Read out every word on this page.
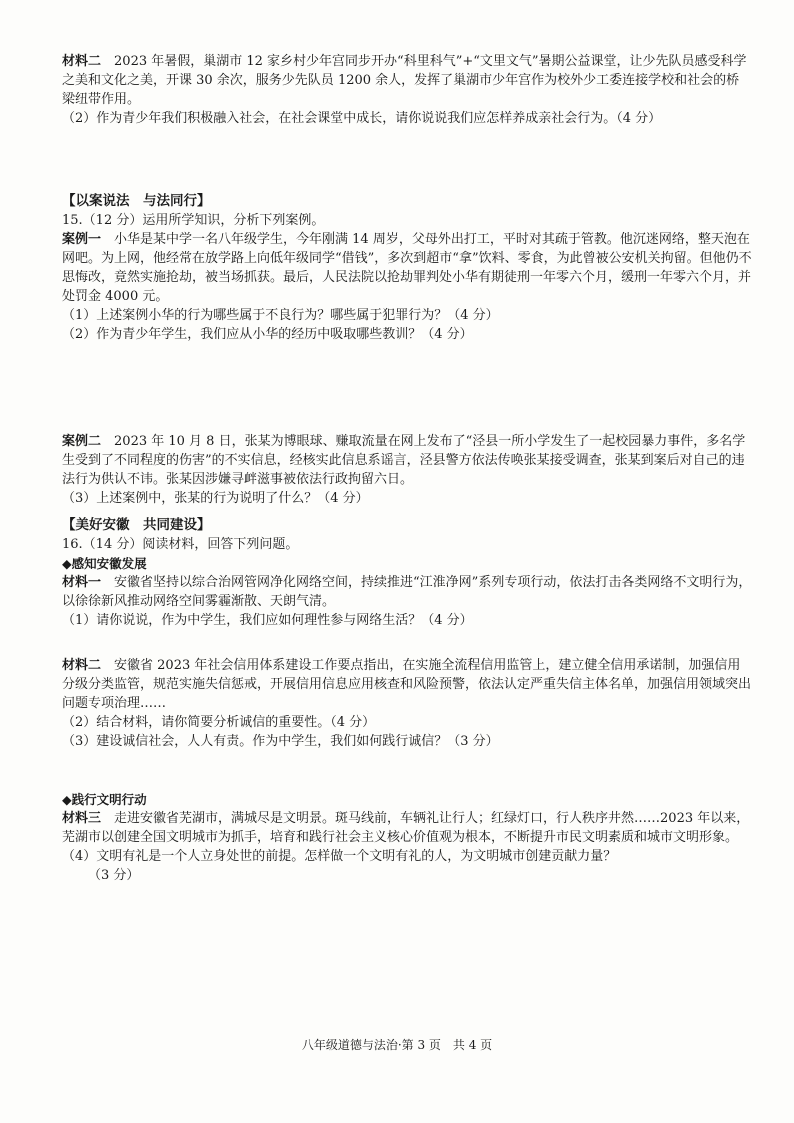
材料二　 2023 年暑假，巢湖市 12 家乡村少年宫同步开办“科里科气”+“文里文气”暑期公益课堂，让少先队员感受科学之美和文化之美，开课 30 余次，服务少先队员 1200 余人，发挥了巢湖市少年宫作为校外少工委连接学校和社会的桥梁纽带作用。

（2）作为青少年我们积极融入社会，在社会课堂中成长，请你说说我们应怎样养成亲社会行为。（4 分）

【以案说法　与法同行】

15.（12 分）运用所学知识，分析下列案例。

案例一　 小华是某中学一名八年级学生，今年刚满 14 周岁，父母外出打工，平时对其疏于管教。他沉迷网络，整天泡在网吧。为上网，他经常在放学路上向低年级同学“借钱”，多次到超市“拿”饮料、零食，为此曾被公安机关拘留。但他仍不思悔改，竟然实施抢劫，被当场抓获。最后，人民法院以抢劫罪判处小华有期徒刑一年零六个月，缓刑一年零六个月，并处罚金 4000 元。

（1）上述案例小华的行为哪些属于不良行为？哪些属于犯罪行为？（4 分）

（2）作为青少年学生，我们应从小华的经历中吸取哪些教训？（4 分）

案例二　 2023 年 10 月 8 日，张某为博眼球、赚取流量在网上发布了“泾县一所小学发生了一起校园暴力事件，多名学生受到了不同程度的伤害”的不实信息，经核实此信息系谣言，泾县警方依法传唤张某接受调查，张某到案后对自己的违法行为供认不讳。张某因涉嫌寻衅滋事被依法行政拘留六日。

（3）上述案例中，张某的行为说明了什么？（4 分）

【美好安徽　共同建设】

16.（14 分）阅读材料，回答下列问题。

◆感知安徽发展

材料一　 安徽省坚持以综合治网管网净化网络空间，持续推进“江淮净网”系列专项行动，依法打击各类网络不文明行为，以徐徐新风推动网络空间雾霾渐散、天朗气清。

（1）请你说说，作为中学生，我们应如何理性参与网络生活？（4 分）

材料二　 安徽省 2023 年社会信用体系建设工作要点指出，在实施全流程信用监管上，建立健全信用承诺制，加强信用分级分类监管，规范实施失信惩戒，开展信用信息应用核查和风险预警，依法认定严重失信主体名单，加强信用领域突出问题专项治理……

（2）结合材料，请你简要分析诚信的重要性。（4 分）

（3）建设诚信社会，人人有责。作为中学生，我们如何践行诚信？（3 分）

◆践行文明行动

材料三　 走进安徽省芜湖市，满城尽是文明景。斑马线前，车辆礼让行人；红绿灯口，行人秩序井然……2023 年以来，芜湖市以创建全国文明城市为抓手，培育和践行社会主义核心价值观为根本，不断提升市民文明素质和城市文明形象。

（4）文明有礼是一个人立身处世的前提。怎样做一个文明有礼的人，为文明城市创建贡献力量？

（3 分）

八年级道德与法治·第 3 页　共 4 页
